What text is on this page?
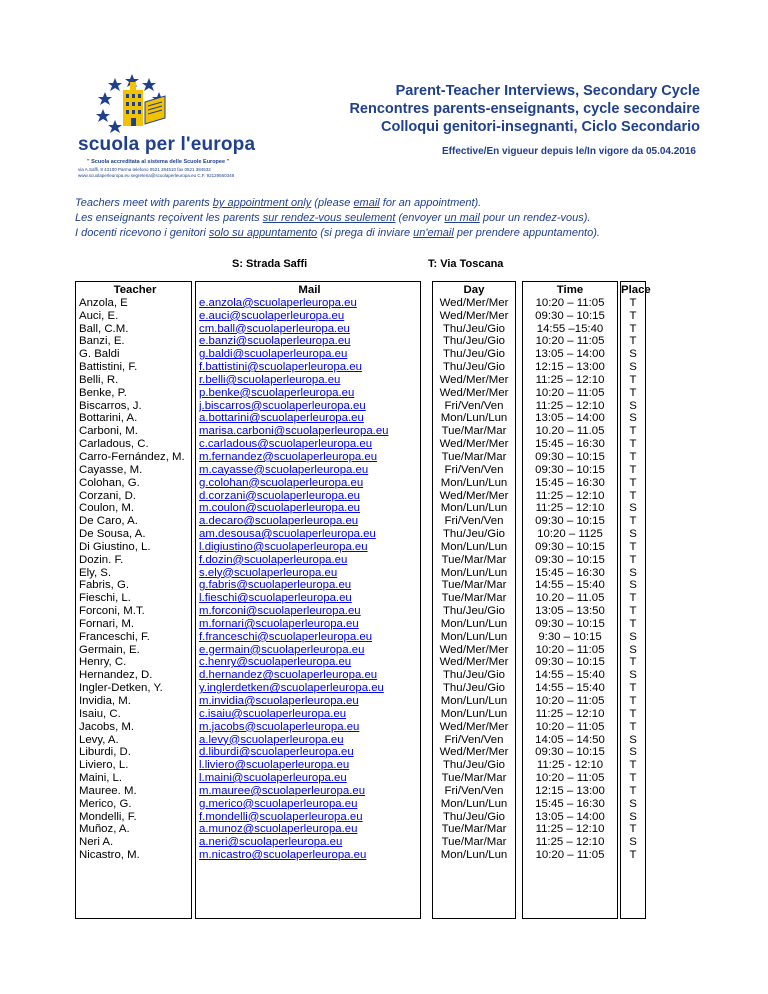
scuola per l'europa
" Scuola accreditata al sistema delle Scuole Europee "
via A.Saffi, 8 43100 Parma telefono 0521 384510 fax 0521 384532
www.scuolaperleuropa.eu segreteria@scuolaperleuropa.eu C.F. 92129560348
Parent-Teacher Interviews, Secondary Cycle
Rencontres parents-enseignants, cycle secondaire
Colloqui genitori-insegnanti, Ciclo Secondario
Effective/En vigueur depuis le/In vigore da 05.04.2016
Teachers meet with parents by appointment only (please email for an appointment).
Les enseignants reçoivent les parents sur rendez-vous seulement (envoyer un mail pour un rendez-vous).
I docenti ricevono i genitori solo su appuntamento (si prega di inviare un'email per prendere appuntamento).
S: Strada Saffi	T: Via Toscana
Teacher
Anzola, E
Auci, E.
Ball, C.M.
Banzi, E.
G. Baldi
Battistini, F.
Belli, R.
Benke, P.
Biscarros, J.
Bottarini, A.
Carboni, M.
Carladous, C.
Carro-Fernández, M.
Cayasse, M.
Colohan, G.
Corzani, D.
Coulon, M.
De Caro, A.
De Sousa, A.
Di Giustino, L.
Dozin. F.
Ely, S.
Fabris, G.
Fieschi, L.
Forconi, M.T.
Fornari, M.
Franceschi, F.
Germain, E.
Henry, C.
Hernandez, D.
Ingler-Detken, Y.
Invidia, M.
Isaiu, C.
Jacobs, M.
Levy, A.
Liburdi, D.
Liviero, L.
Maini, L.
Mauree. M.
Merico, G.
Mondelli, F.
Muñoz, A.
Neri A.
Nicastro, M.
Mail
e.anzola@scuolaperleuropa.eu
e.auci@scuolaperleuropa.eu
cm.ball@scuolaperleuropa.eu
e.banzi@scuolaperleuropa.eu
g.baldi@scuolaperleuropa.eu
f.battistini@scuolaperleuropa.eu
r.belli@scuolaperleuropa.eu
p.benke@scuolaperleuropa.eu
j.biscarros@scuolaperleuropa.eu
a.bottarini@scuolaperleuropa.eu
marisa.carboni@scuolaperleuropa.eu
c.carladous@scuolaperleuropa.eu
m.fernandez@scuolaperleuropa.eu
m.cayasse@scuolaperleuropa.eu
g.colohan@scuolaperleuropa.eu
d.corzani@scuolaperleuropa.eu
m.coulon@scuolaperleuropa.eu
a.decaro@scuolaperleuropa.eu
am.desousa@scuolaperleuropa.eu
l.digiustino@scuolaperleuropa.eu
f.dozin@scuolaperleuropa.eu
s.ely@scuolaperleuropa.eu
g.fabris@scuolaperleuropa.eu
l.fieschi@scuolaperleuropa.eu
m.forconi@scuolaperleuropa.eu
m.fornari@scuolaperleuropa.eu
f.franceschi@scuolaperleuropa.eu
e.germain@scuolaperleuropa.eu
c.henry@scuolaperleuropa.eu
d.hernandez@scuolaperleuropa.eu
y.inglerdetken@scuolaperleuropa.eu
m.invidia@scuolaperleuropa.eu
c.isaiu@scuolaperleuropa.eu
m.jacobs@scuolaperleuropa.eu
a.levy@scuolaperleuropa.eu
d.liburdi@scuolaperleuropa.eu
l.liviero@scuolaperleuropa.eu
l.maini@scuolaperleuropa.eu
m.mauree@scuolaperleuropa.eu
g.merico@scuolaperleuropa.eu
f.mondelli@scuolaperleuropa.eu
a.munoz@scuolaperleuropa.eu
a.neri@scuolaperleuropa.eu
m.nicastro@scuolaperleuropa.eu
Day
Wed/Mer/Mer
Wed/Mer/Mer
Thu/Jeu/Gio
Thu/Jeu/Gio
Thu/Jeu/Gio
Thu/Jeu/Gio
Wed/Mer/Mer
Wed/Mer/Mer
Fri/Ven/Ven
Mon/Lun/Lun
Tue/Mar/Mar
Wed/Mer/Mer
Tue/Mar/Mar
Fri/Ven/Ven
Mon/Lun/Lun
Wed/Mer/Mer
Mon/Lun/Lun
Fri/Ven/Ven
Thu/Jeu/Gio
Mon/Lun/Lun
Tue/Mar/Mar
Mon/Lun/Lun
Tue/Mar/Mar
Tue/Mar/Mar
Thu/Jeu/Gio
Mon/Lun/Lun
Mon/Lun/Lun
Wed/Mer/Mer
Wed/Mer/Mer
Thu/Jeu/Gio
Thu/Jeu/Gio
Mon/Lun/Lun
Mon/Lun/Lun
Wed/Mer/Mer
Fri/Ven/Ven
Wed/Mer/Mer
Thu/Jeu/Gio
Tue/Mar/Mar
Fri/Ven/Ven
Mon/Lun/Lun
Thu/Jeu/Gio
Tue/Mar/Mar
Tue/Mar/Mar
Mon/Lun/Lun
Time
10:20 – 11:05
09:30 – 10:15
14:55 –15:40
10:20 – 11:05
13:05 – 14:00
12:15 – 13:00
11:25 – 12:10
10:20 – 11:05
11:25 – 12:10
13:05 – 14:00
10.20 – 11.05
15:45 – 16:30
09:30 – 10:15
09:30 – 10:15
15:45 – 16:30
11:25 – 12:10
11:25 – 12:10
09:30 – 10:15
10:20 – 1125
09:30 – 10:15
09:30 – 10:15
15:45 – 16:30
14:55 – 15:40
10.20 – 11.05
13:05 – 13:50
09:30 – 10:15
9:30 – 10:15
10:20 – 11:05
09:30 – 10:15
14:55 – 15:40
14:55 – 15:40
10:20 – 11:05
11:25 – 12:10
10:20 – 11:05
14:05 – 14:50
09:30 – 10:15
11:25 - 12:10
10:20 – 11:05
12:15 – 13:00
15:45 – 16:30
13:05 – 14:00
11:25 – 12:10
11:25 – 12:10
10:20 – 11:05
Place
T
T
T
T
S
S
T
T
S
S
T
T
T
T
T
T
S
T
S
T
T
S
S
T
T
T
S
S
T
S
T
T
T
T
S
S
T
T
T
S
S
T
S
T
